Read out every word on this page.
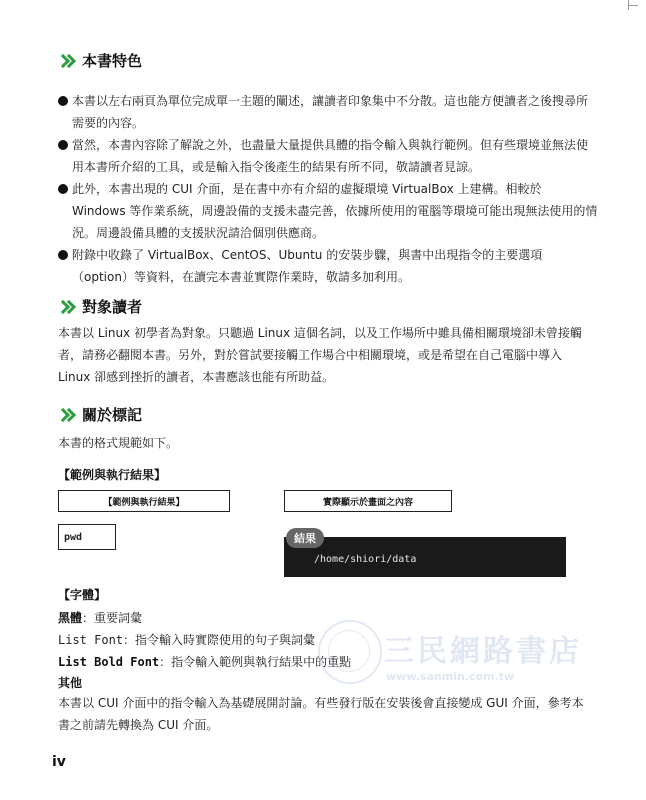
本書特色
本書以左右兩頁為單位完成單一主題的闡述，讓讀者印象集中不分散。這也能方便讀者之後搜尋所需要的內容。
當然，本書內容除了解說之外，也盡量大量提供具體的指令輸入與執行範例。但有些環境並無法使用本書所介紹的工具，或是輸入指令後產生的結果有所不同，敬請讀者見諒。
此外，本書出現的 CUI 介面，是在書中亦有介紹的虛擬環境 VirtualBox 上建構。相較於 Windows 等作業系統，周邊設備的支援未盡完善，依據所使用的電腦等環境可能出現無法使用的情況。周邊設備具體的支援狀況請洽個別供應商。
附錄中收錄了 VirtualBox、CentOS、Ubuntu 的安裝步驟，與書中出現指令的主要選項（option）等資料，在讀完本書並實際作業時，敬請多加利用。
對象讀者

本書以 Linux 初學者為對象。只聽過 Linux 這個名詞，以及工作場所中雖具備相關環境卻未曾接觸者，請務必翻閱本書。另外，對於嘗試要接觸工作場合中相關環境，或是希望在自己電腦中導入 Linux 卻感到挫折的讀者，本書應該也能有所助益。

關於標記

本書的格式規範如下。

【範例與執行結果】
【範例與執行結果】	實際顯示於畫面之內容
pwd
/home/shiori/data
結果
【字體】
黑體：重要詞彙
List Font：指令輸入時實際使用的句子與詞彙
List Bold Font：指令輸入範例與執行結果中的重點
其他

本書以 CUI 介面中的指令輸入為基礎展開討論。有些發行版在安裝後會直接變成 GUI 介面，參考本書之前請先轉換為 CUI 介面。

三民網路書店
www.sanmin.com.tw
iv
